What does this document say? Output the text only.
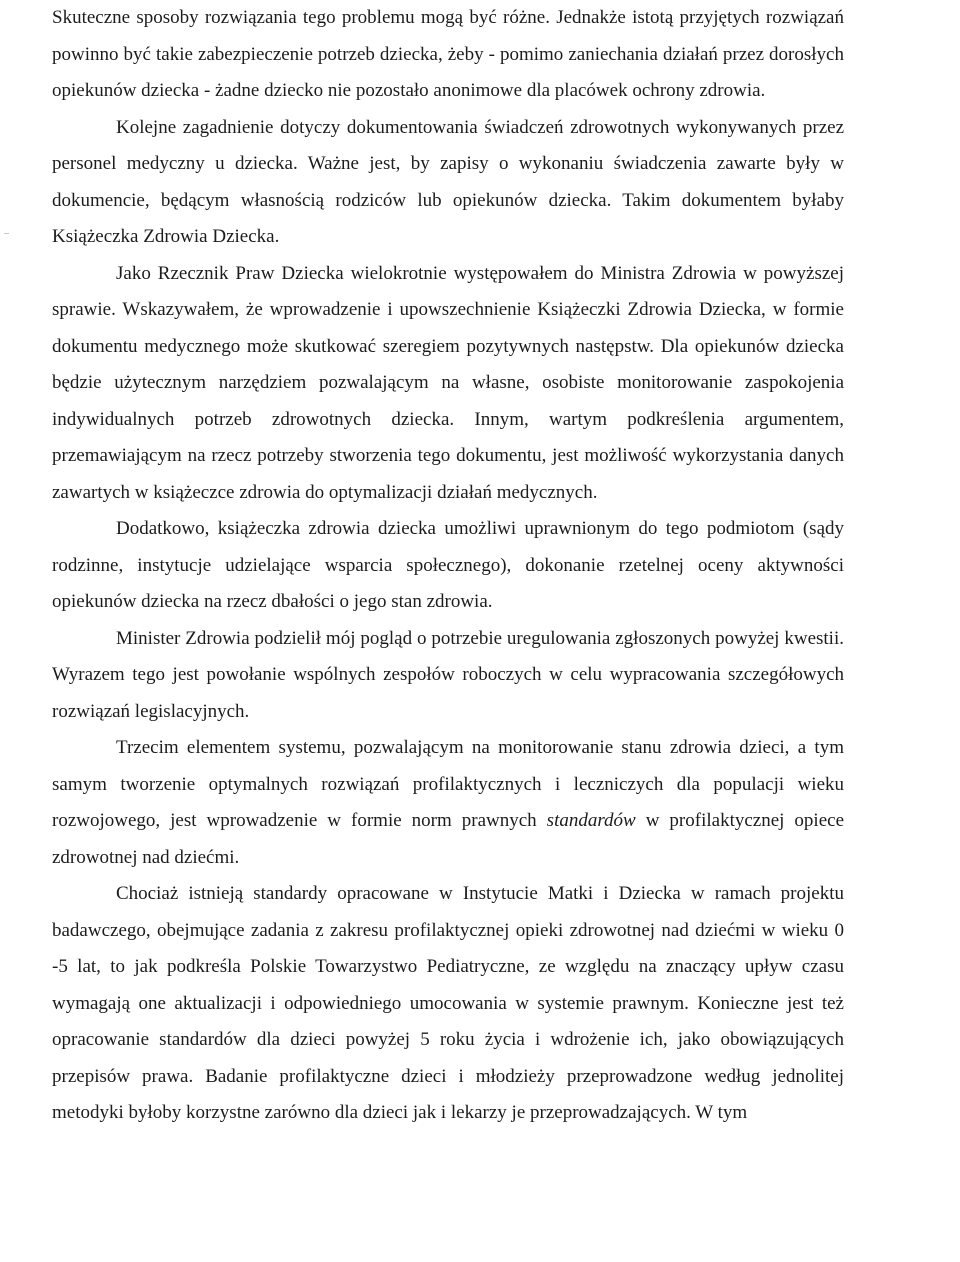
Skuteczne sposoby rozwiązania tego problemu mogą być różne. Jednakże istotą przyjętych rozwiązań powinno być takie zabezpieczenie potrzeb dziecka, żeby - pomimo zaniechania działań przez dorosłych opiekunów dziecka - żadne dziecko nie pozostało anonimowe dla placówek ochrony zdrowia.

Kolejne zagadnienie dotyczy dokumentowania świadczeń zdrowotnych wykonywanych przez personel medyczny u dziecka. Ważne jest, by zapisy o wykonaniu świadczenia zawarte były w dokumencie, będącym własnością rodziców lub opiekunów dziecka. Takim dokumentem byłaby Książeczka Zdrowia Dziecka.

Jako Rzecznik Praw Dziecka wielokrotnie występowałem do Ministra Zdrowia w powyższej sprawie. Wskazywałem, że wprowadzenie i upowszechnienie Książeczki Zdrowia Dziecka, w formie dokumentu medycznego może skutkować szeregiem pozytywnych następstw. Dla opiekunów dziecka będzie użytecznym narzędziem pozwalającym na własne, osobiste monitorowanie zaspokojenia indywidualnych potrzeb zdrowotnych dziecka. Innym, wartym podkreślenia argumentem, przemawiającym na rzecz potrzeby stworzenia tego dokumentu, jest możliwość wykorzystania danych zawartych w książeczce zdrowia do optymalizacji działań medycznych.

Dodatkowo, książeczka zdrowia dziecka umożliwi uprawnionym do tego podmiotom (sądy rodzinne, instytucje udzielające wsparcia społecznego), dokonanie rzetelnej oceny aktywności opiekunów dziecka na rzecz dbałości o jego stan zdrowia.

Minister Zdrowia podzielił mój pogląd o potrzebie uregulowania zgłoszonych powyżej kwestii. Wyrazem tego jest powołanie wspólnych zespołów roboczych w celu wypracowania szczegółowych rozwiązań legislacyjnych.

Trzecim elementem systemu, pozwalającym na monitorowanie stanu zdrowia dzieci, a tym samym tworzenie optymalnych rozwiązań profilaktycznych i leczniczych dla populacji wieku rozwojowego, jest wprowadzenie w formie norm prawnych standardów w profilaktycznej opiece zdrowotnej nad dziećmi.

Chociaż istnieją standardy opracowane w Instytucie Matki i Dziecka w ramach projektu badawczego, obejmujące zadania z zakresu profilaktycznej opieki zdrowotnej nad dziećmi w wieku 0 -5 lat, to jak podkreśla Polskie Towarzystwo Pediatryczne, ze względu na znaczący upływ czasu wymagają one aktualizacji i odpowiedniego umocowania w systemie prawnym. Konieczne jest też opracowanie standardów dla dzieci powyżej 5 roku życia i wdrożenie ich, jako obowiązujących przepisów prawa. Badanie profilaktyczne dzieci i młodzieży przeprowadzone według jednolitej metodyki byłoby korzystne zarówno dla dzieci jak i lekarzy je przeprowadzających. W tym
